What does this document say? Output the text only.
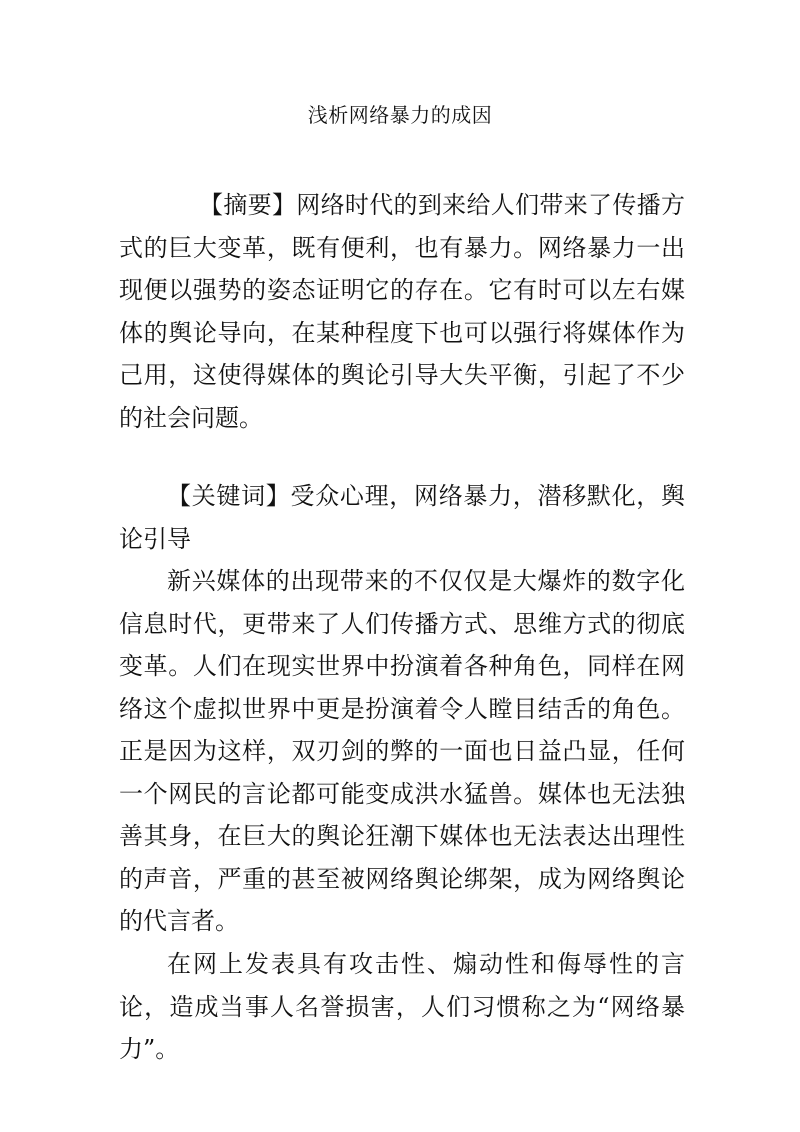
浅析网络暴力的成因

【摘要】网络时代的到来给人们带来了传播方式的巨大变革，既有便利，也有暴力。网络暴力一出现便以强势的姿态证明它的存在。它有时可以左右媒体的舆论导向，在某种程度下也可以强行将媒体作为己用，这使得媒体的舆论引导大失平衡，引起了不少的社会问题。

【关键词】受众心理，网络暴力，潜移默化，舆论引导

新兴媒体的出现带来的不仅仅是大爆炸的数字化信息时代，更带来了人们传播方式、思维方式的彻底变革。人们在现实世界中扮演着各种角色，同样在网络这个虚拟世界中更是扮演着令人瞠目结舌的角色。正是因为这样，双刃剑的弊的一面也日益凸显，任何一个网民的言论都可能变成洪水猛兽。媒体也无法独善其身，在巨大的舆论狂潮下媒体也无法表达出理性的声音，严重的甚至被网络舆论绑架，成为网络舆论的代言者。

在网上发表具有攻击性、煽动性和侮辱性的言论，造成当事人名誉损害，人们习惯称之为“网络暴力”。
